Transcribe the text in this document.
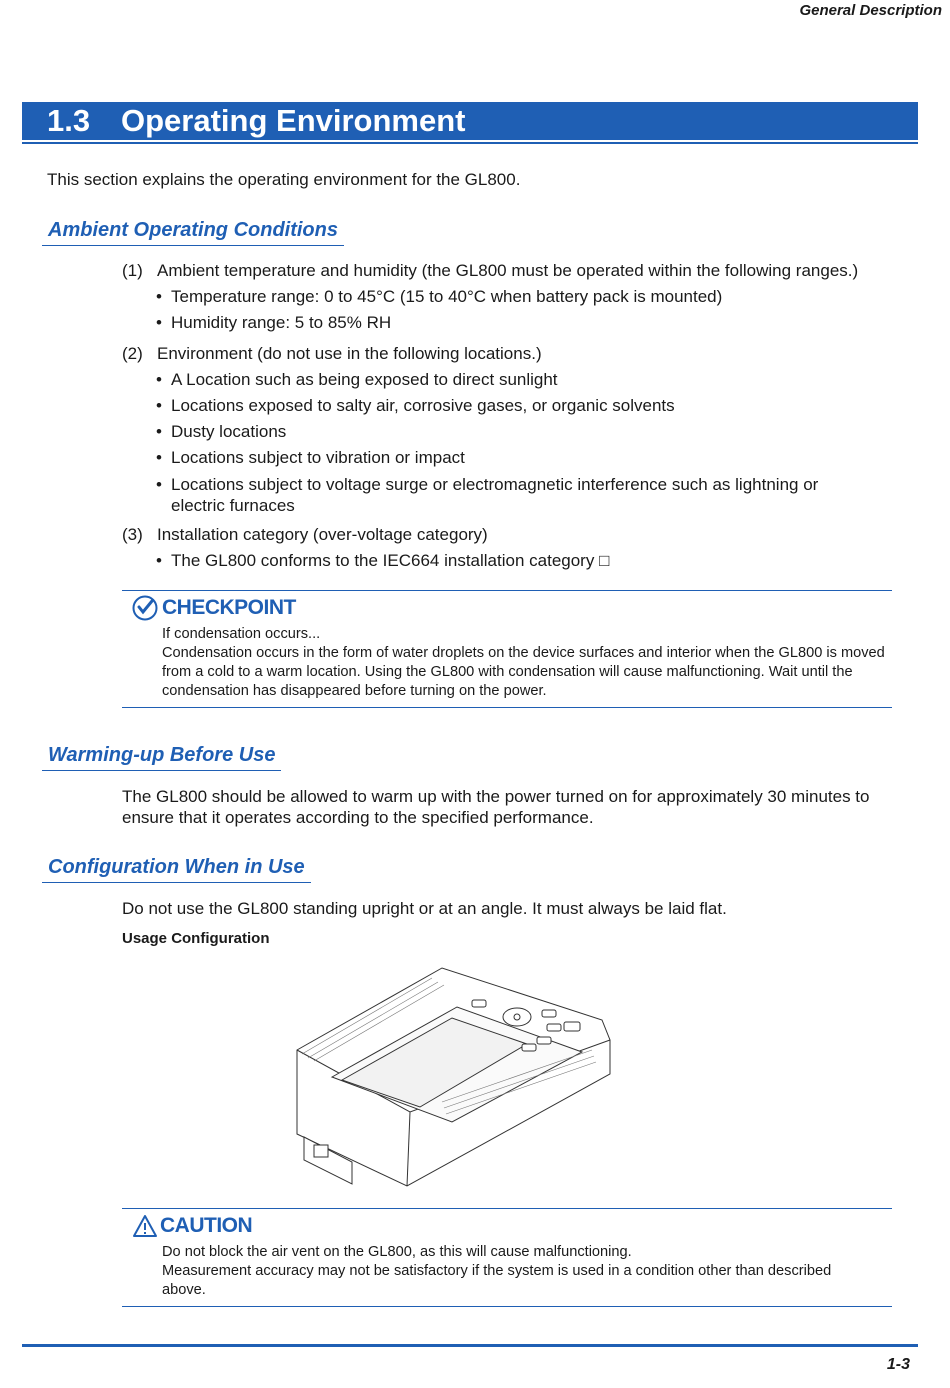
General Description
1.3 Operating Environment
This section explains the operating environment for the GL800.
Ambient Operating Conditions
(1) Ambient temperature and humidity (the GL800 must be operated within the following ranges.)
• Temperature range: 0 to 45°C (15 to 40°C when battery pack is mounted)
• Humidity range: 5 to 85% RH
(2) Environment (do not use in the following locations.)
• A Location such as being exposed to direct sunlight
• Locations exposed to salty air, corrosive gases, or organic solvents
• Dusty locations
• Locations subject to vibration or impact
• Locations subject to voltage surge or electromagnetic interference such as lightning or electric furnaces
(3) Installation category (over-voltage category)
• The GL800 conforms to the IEC664 installation category □
CHECKPOINT
If condensation occurs...
Condensation occurs in the form of water droplets on the device surfaces and interior when the GL800 is moved from a cold to a warm location. Using the GL800 with condensation will cause malfunctioning. Wait until the condensation has disappeared before turning on the power.
Warming-up Before Use
The GL800 should be allowed to warm up with the power turned on for approximately 30 minutes to ensure that it operates according to the specified performance.
Configuration When in Use
Do not use the GL800 standing upright or at an angle. It must always be laid flat.
Usage Configuration
CAUTION
Do not block the air vent on the GL800, as this will cause malfunctioning.
Measurement accuracy may not be satisfactory if the system is used in a condition other than described above.
1-3
